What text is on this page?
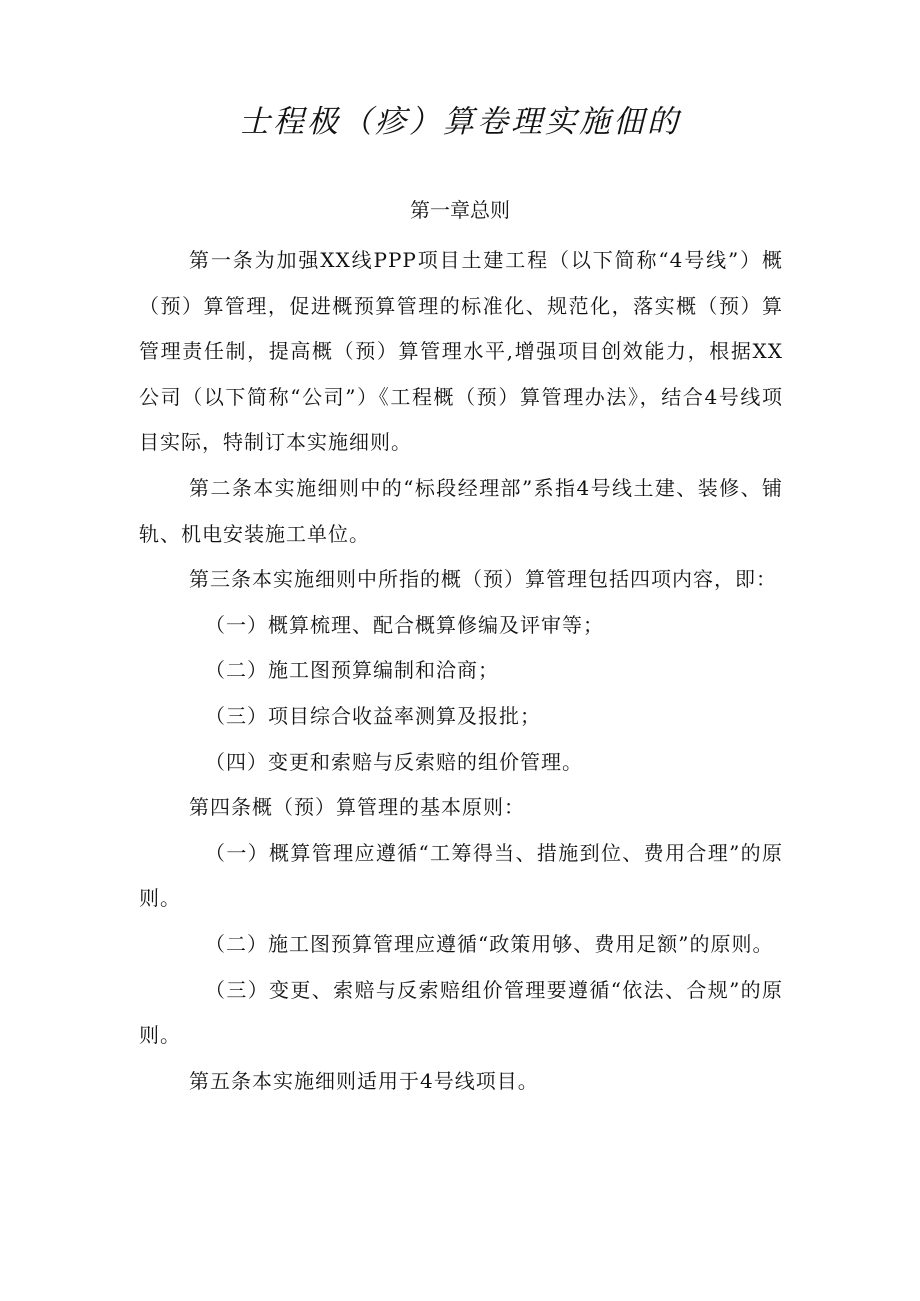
士程极（疹）算卷理实施佃的
第一章总则

第一条为加强XX线PPP项目土建工程（以下简称“4号线”）概（预）算管理，促进概预算管理的标准化、规范化，落实概（预）算管理责任制，提高概（预）算管理水平,增强项目创效能力，根据XX公司（以下简称“公司”）《工程概（预）算管理办法》，结合4号线项目实际，特制订本实施细则。

第二条本实施细则中的“标段经理部”系指4号线土建、装修、铺轨、机电安装施工单位。

第三条本实施细则中所指的概（预）算管理包括四项内容，即：

（一）概算梳理、配合概算修编及评审等；

（二）施工图预算编制和洽商；

（三）项目综合收益率测算及报批；

（四）变更和索赔与反索赔的组价管理。

第四条概（预）算管理的基本原则：

（一）概算管理应遵循“工筹得当、措施到位、费用合理”的原则。

（二）施工图预算管理应遵循“政策用够、费用足额”的原则。

（三）变更、索赔与反索赔组价管理要遵循“依法、合规”的原则。

第五条本实施细则适用于4号线项目。
